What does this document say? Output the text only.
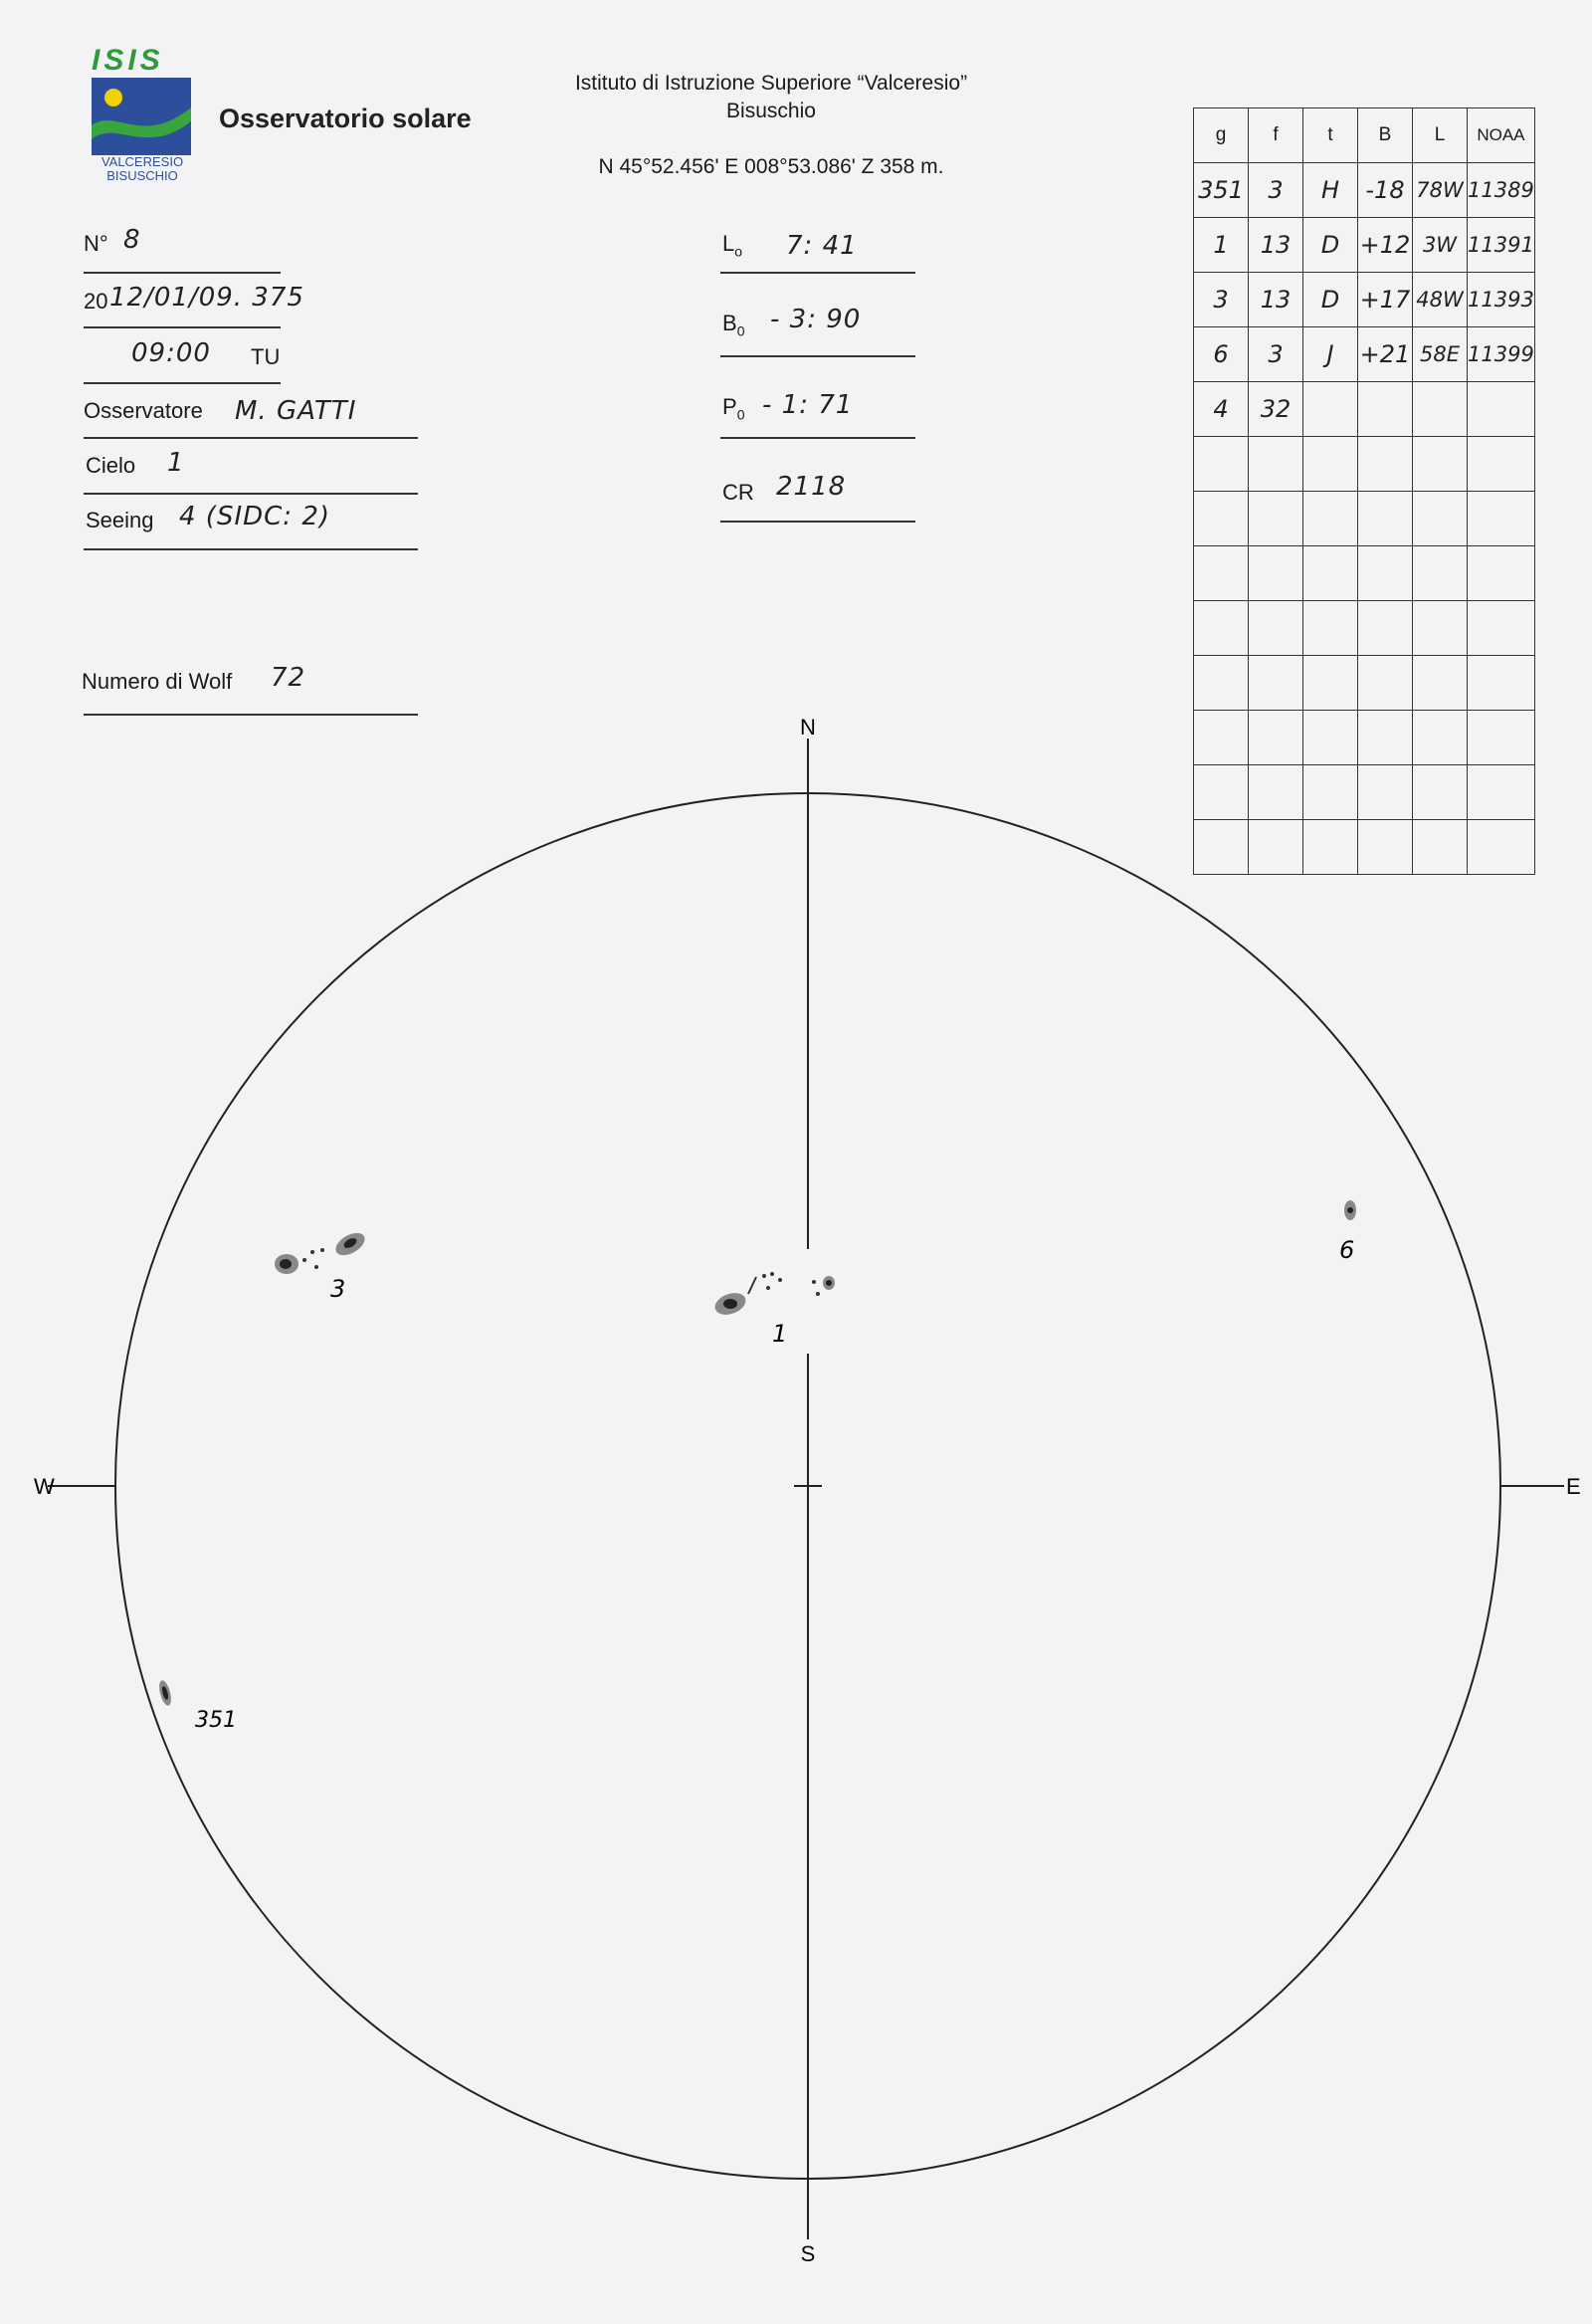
ISIS
VALCERESIO
BISUSCHIO
Osservatorio solare
Istituto di Istruzione Superiore “Valceresio”
Bisuschio
N 45°52.456' E 008°53.086' Z 358 m.
N° 8
20 12/01/09. 375
09:00 TU
Osservatore M. GATTI
Cielo 1
Seeing 4 (SIDC: 2)
Numero di Wolf 72
$L_o$ 7: 41
$B_0 - 3$: 90
$P_0 - 1$: 71
CR 2118
g	f	t	B	L	NOAA
351	3	H	-18	78W	11389
1	13	D	+12	3W	11391
3	13	D	+17	48W	11393
6	3	J	+21	58E	11399
4	32				

N
S
E
W
3
1
6
351
